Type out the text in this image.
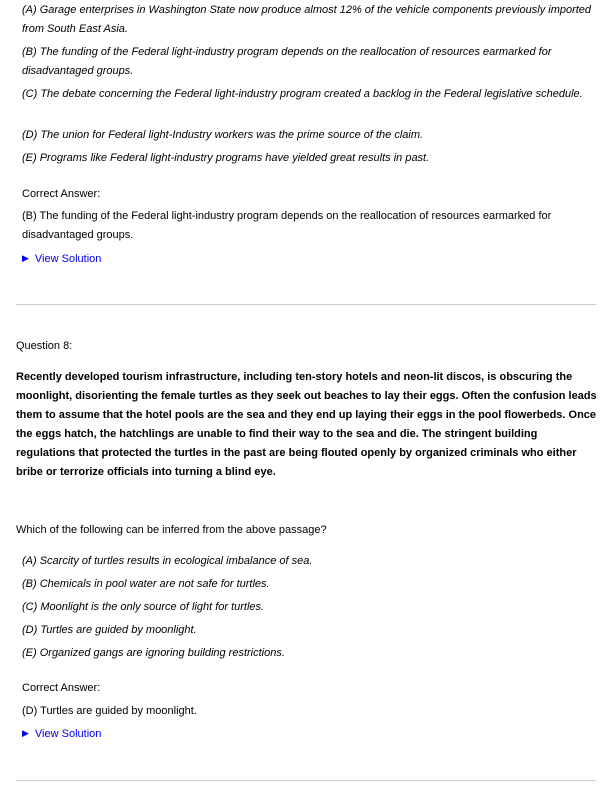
(A) Garage enterprises in Washington State now produce almost 12% of the vehicle components previously imported from South East Asia.

(B) The funding of the Federal light-industry program depends on the reallocation of resources earmarked for disadvantaged groups.

(C) The debate concerning the Federal light-industry program created a backlog in the Federal legislative schedule.

(D) The union for Federal light-Industry workers was the prime source of the claim.

(E) Programs like Federal light-industry programs have yielded great results in past.

Correct Answer:

(B) The funding of the Federal light-industry program depends on the reallocation of resources earmarked for disadvantaged groups.

▶ View Solution

Question 8:

Recently developed tourism infrastructure, including ten-story hotels and neon-lit discos, is obscuring the moonlight, disorienting the female turtles as they seek out beaches to lay their eggs. Often the confusion leads them to assume that the hotel pools are the sea and they end up laying their eggs in the pool flowerbeds. Once the eggs hatch, the hatchlings are unable to find their way to the sea and die. The stringent building regulations that protected the turtles in the past are being flouted openly by organized criminals who either bribe or terrorize officials into turning a blind eye.

Which of the following can be inferred from the above passage?

(A) Scarcity of turtles results in ecological imbalance of sea.

(B) Chemicals in pool water are not safe for turtles.

(C) Moonlight is the only source of light for turtles.

(D) Turtles are guided by moonlight.

(E) Organized gangs are ignoring building restrictions.

Correct Answer:

(D) Turtles are guided by moonlight.

▶ View Solution
